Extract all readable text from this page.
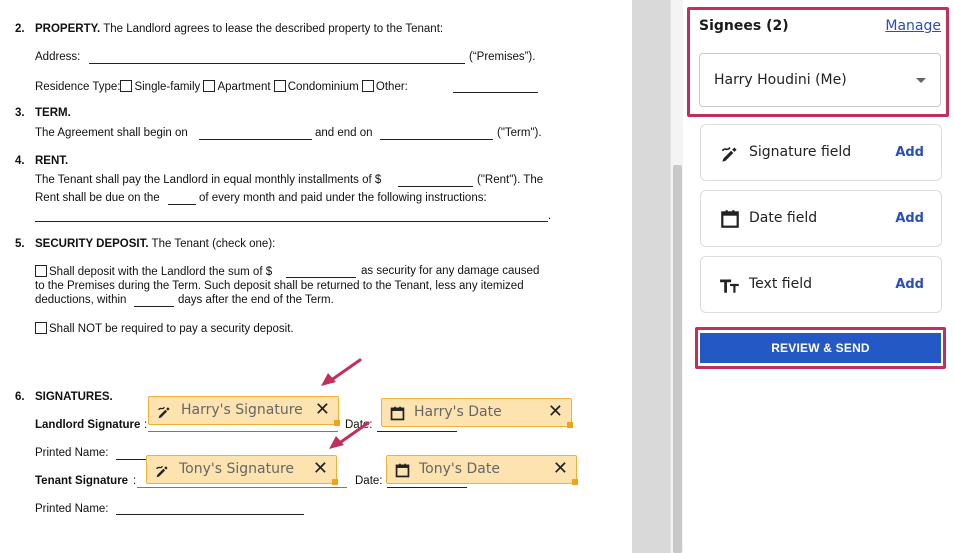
2. PROPERTY. The Landlord agrees to lease the described property to the Tenant:
Address:	(“Premises”).
Residence Type: Single-family Apartment Condominium Other:
3. TERM.
The Agreement shall begin on	and end on	("Term").
4. RENT.
The Tenant shall pay the Landlord in equal monthly installments of $	("Rent"). The
Rent shall be due on the	of every month and paid under the following instructions:
.
5. SECURITY DEPOSIT. The Tenant (check one):
Shall deposit with the Landlord the sum of $	as security for any damage caused
to the Premises during the Term. Such deposit shall be returned to the Tenant, less any itemized
deductions, within	days after the end of the Term.
Shall NOT be required to pay a security deposit.
6. SIGNATURES.
Landlord Signature :	Date:
Printed Name:
Tenant Signature :	Date:
Printed Name:
Harry's Signature ✕	Harry's Date	✕
Tony's Signature ✕	Tony's Date	✕
Signees (2)	Manage
Harry Houdini (Me)
Signature field	Add
Date field	Add
Text field	Add
REVIEW & SEND
